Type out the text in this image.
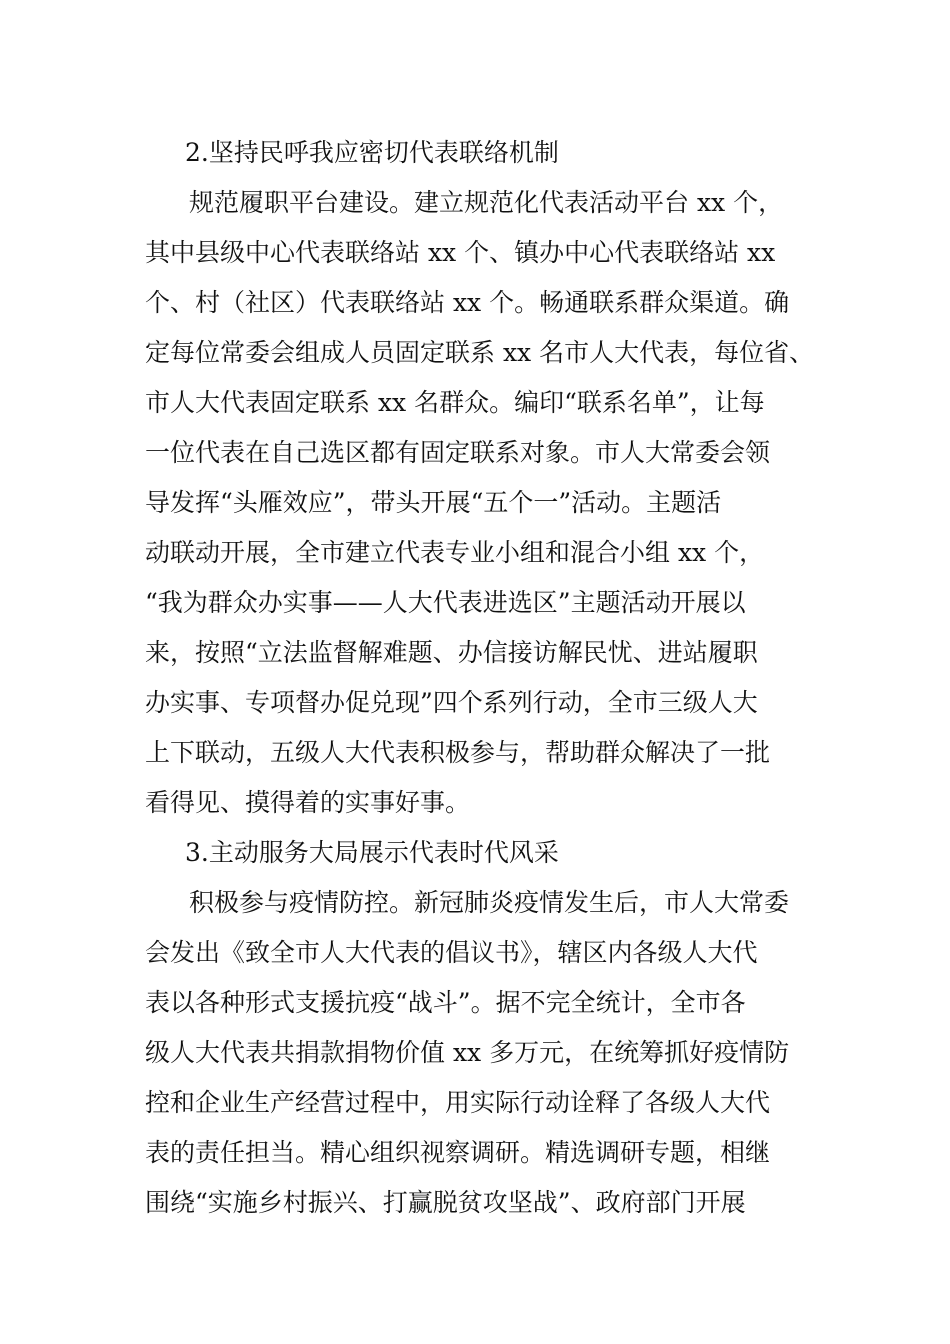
2.坚持民呼我应密切代表联络机制
规范履职平台建设。建立规范化代表活动平台 xx 个，
其中县级中心代表联络站 xx 个、镇办中心代表联络站 xx
个、村（社区）代表联络站 xx 个。畅通联系群众渠道。确
定每位常委会组成人员固定联系 xx 名市人大代表，每位省、
市人大代表固定联系 xx 名群众。编印“联系名单”，让每
一位代表在自己选区都有固定联系对象。市人大常委会领
导发挥“头雁效应”，带头开展“五个一”活动。主题活
动联动开展，全市建立代表专业小组和混合小组 xx 个，
“我为群众办实事——人大代表进选区”主题活动开展以
来，按照“立法监督解难题、办信接访解民忧、进站履职
办实事、专项督办促兑现”四个系列行动，全市三级人大
上下联动，五级人大代表积极参与，帮助群众解决了一批
看得见、摸得着的实事好事。
3.主动服务大局展示代表时代风采
积极参与疫情防控。新冠肺炎疫情发生后，市人大常委
会发出《致全市人大代表的倡议书》，辖区内各级人大代
表以各种形式支援抗疫“战斗”。据不完全统计，全市各
级人大代表共捐款捐物价值 xx 多万元，在统筹抓好疫情防
控和企业生产经营过程中，用实际行动诠释了各级人大代
表的责任担当。精心组织视察调研。精选调研专题，相继
围绕“实施乡村振兴、打赢脱贫攻坚战”、政府部门开展
